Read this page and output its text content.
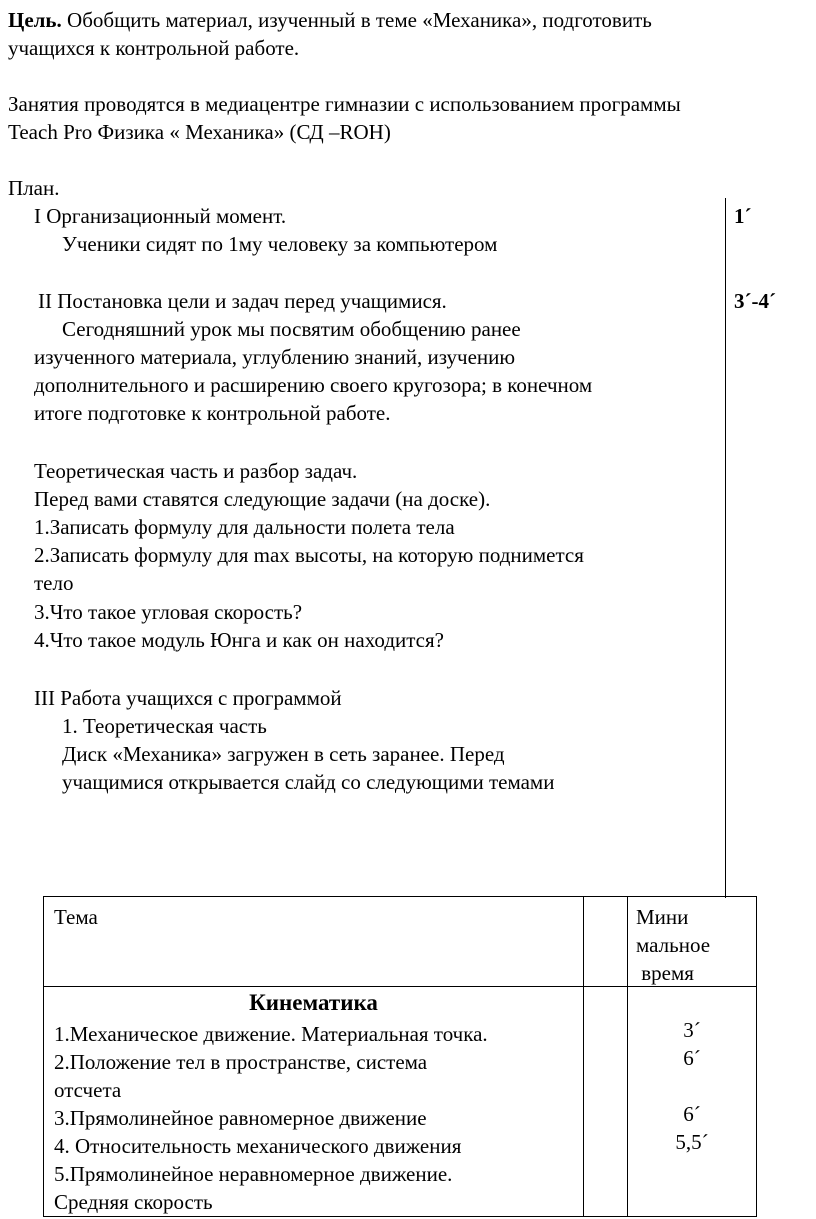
Цель. Обобщить материал, изученный в теме «Механика», подготовить
учащихся к контрольной работе.
Занятия проводятся в медиацентре гимназии с использованием программы
Teach Pro Физика « Механика» (СД –ROH)
План.
I Организационный момент.
Ученики сидят по 1му человеку за компьютером
1´
II Постановка цели и задач перед учащимися.
Сегодняшний урок мы посвятим обобщению ранее
изученного материала, углублению знаний, изучению
дополнительного и расширению своего кругозора; в конечном
итоге подготовке к контрольной работе.
3´-4´
Теоретическая часть и разбор задач.
Перед вами ставятся следующие задачи (на доске).
1.Записать формулу для дальности полета тела
2.Записать формулу для max высоты, на которую поднимется
тело
3.Что такое угловая скорость?
4.Что такое модуль Юнга и как он находится?
III Работа учащихся с программой
1. Теоретическая часть
Диск «Механика» загружен в сеть заранее. Перед
учащимися открывается слайд со следующими темами
Тема	Мини
мальное
время
Кинематика
1.Механическое движение. Материальная точка.
2.Положение тел в пространстве, система
отсчета
3.Прямолинейное равномерное движение
4. Относительность механического движения
5.Прямолинейное неравномерное движение.
Средняя скорость
3´
6´
6´
5,5´
